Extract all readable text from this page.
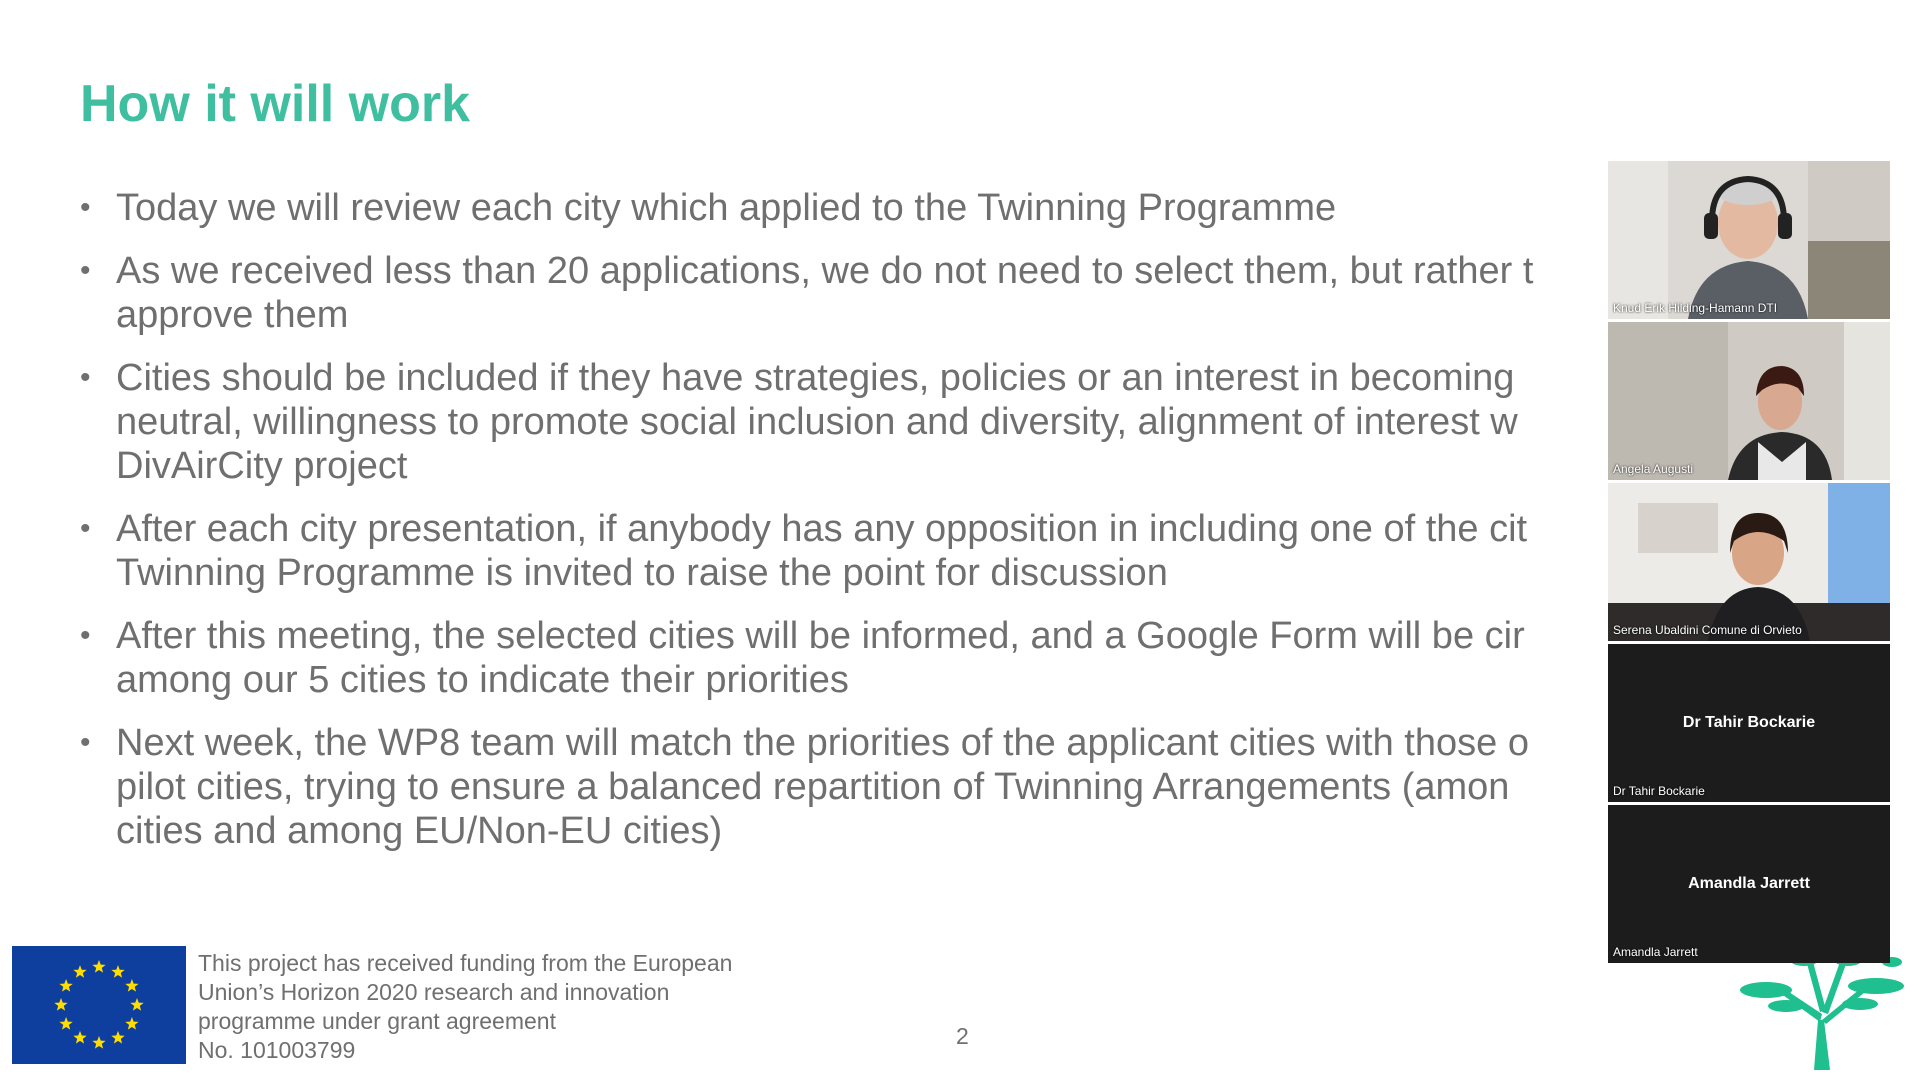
How it will work
• Today we will review each city which applied to the Twinning Programme
• As we received less than 20 applications, we do not need to select them, but rather t
approve them
• Cities should be included if they have strategies, policies or an interest in becoming
neutral, willingness to promote social inclusion and diversity, alignment of interest w
DivAirCity project
• After each city presentation, if anybody has any opposition in including one of the cit
Twinning Programme is invited to raise the point for discussion
• After this meeting, the selected cities will be informed, and a Google Form will be cir
among our 5 cities to indicate their priorities
• Next week, the WP8 team will match the priorities of the applicant cities with those o
pilot cities, trying to ensure a balanced repartition of Twinning Arrangements (amon
cities and among EU/Non-EU cities)
This project has received funding from the European
Union’s Horizon 2020 research and innovation
programme under grant agreement
No. 101003799
2
Knud Erik Hilding-Hamann DTI
Angela Augusti
Serena Ubaldini Comune di Orvieto
Dr Tahir Bockarie
Dr Tahir Bockarie
Amandla Jarrett
Amandla Jarrett
